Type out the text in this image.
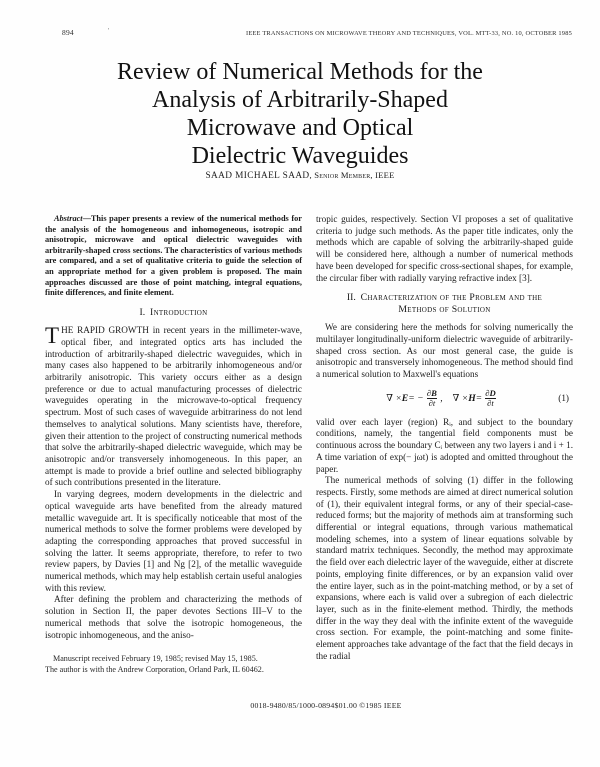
894	IEEE TRANSACTIONS ON MICROWAVE THEORY AND TECHNIQUES, VOL. MTT-33, NO. 10, OCTOBER 1985
'
Review of Numerical Methods for the
Analysis of Arbitrarily-Shaped
Microwave and Optical
Dielectric Waveguides
SAAD MICHAEL SAAD, Senior Member, IEEE

Abstract—This paper presents a review of the numerical methods for the analysis of the homogeneous and inhomogeneous, isotropic and anisotropic, microwave and optical dielectric waveguides with arbitrarily-shaped cross sections. The characteristics of various methods are compared, and a set of qualitative criteria to guide the selection of an appropriate method for a given problem is proposed. The main approaches discussed are those of point matching, integral equations, finite differences, and finite element.

I. Introduction

THE RAPID GROWTH in recent years in the millimeter-wave, optical fiber, and integrated optics arts has included the introduction of arbitrarily-shaped dielectric waveguides, which in many cases also happened to be arbitrarily inhomogeneous and/or arbitrarily anisotropic. This variety occurs either as a design preference or due to actual manufacturing processes of dielectric waveguides operating in the microwave-to-optical frequency spectrum. Most of such cases of waveguide arbitrariness do not lend themselves to analytical solutions. Many scientists have, therefore, given their attention to the project of constructing numerical methods that solve the arbitrarily-shaped dielectric waveguide, which may be anisotropic and/or transversely inhomogeneous. In this paper, an attempt is made to provide a brief outline and selected bibliography of such contributions presented in the literature.

In varying degrees, modern developments in the dielectric and optical waveguide arts have benefited from the already matured metallic waveguide art. It is specifically noticeable that most of the numerical methods to solve the former problems were developed by adapting the corresponding approaches that proved successful in solving the latter. It seems appropriate, therefore, to refer to two review papers, by Davies [1] and Ng [2], of the metallic waveguide numerical methods, which may help establish certain useful analogies with this review.

After defining the problem and characterizing the methods of solution in Section II, the paper devotes Sections III–V to the numerical methods that solve the isotropic homogeneous, the isotropic inhomogeneous, and the aniso-

Manuscript received February 19, 1985; revised May 15, 1985.
The author is with the Andrew Corporation, Orland Park, IL 60462.

tropic guides, respectively. Section VI proposes a set of qualitative criteria to judge such methods. As the paper title indicates, only the methods which are capable of solving the arbitrarily-shaped guide will be considered here, although a number of numerical methods have been developed for specific cross-sectional shapes, for example, the circular fiber with radially varying refractive index [3].

II. Characterization of the Problem and the
Methods of Solution

We are considering here the methods for solving numerically the multilayer longitudinally-uniform dielectric waveguide of arbitrarily-shaped cross section. As our most general case, the guide is anisotropic and transversely inhomogeneous. The method should find a numerical solution to Maxwell's equations

∇ × E = − $\frac{\partial B}{\partial t}$ , ∇ × $H = \frac{\partial D}{\partial t}$	(1)

valid over each layer (region) Rᵢ, and subject to the boundary conditions, namely, the tangential field components must be continuous across the boundary Cᵢ between any two layers i and i + 1. A time variation of exp(− jωt) is adopted and omitted throughout the paper.

The numerical methods of solving (1) differ in the following respects. Firstly, some methods are aimed at direct numerical solution of (1), their equivalent integral forms, or any of their special-case-reduced forms; but the majority of methods aim at transforming such differential or integral equations, through various mathematical modeling schemes, into a system of linear equations solvable by standard matrix techniques. Secondly, the method may approximate the field over each dielectric layer of the waveguide, either at discrete points, employing finite differences, or by an expansion valid over the entire layer, such as in the point-matching method, or by a set of expansions, where each is valid over a subregion of each dielectric layer, such as in the finite-element method. Thirdly, the methods differ in the way they deal with the infinite extent of the waveguide cross section. For example, the point-matching and some finite-element approaches take advantage of the fact that the field decays in the radial

0018-9480/85/1000-0894$01.00 ©1985 IEEE
